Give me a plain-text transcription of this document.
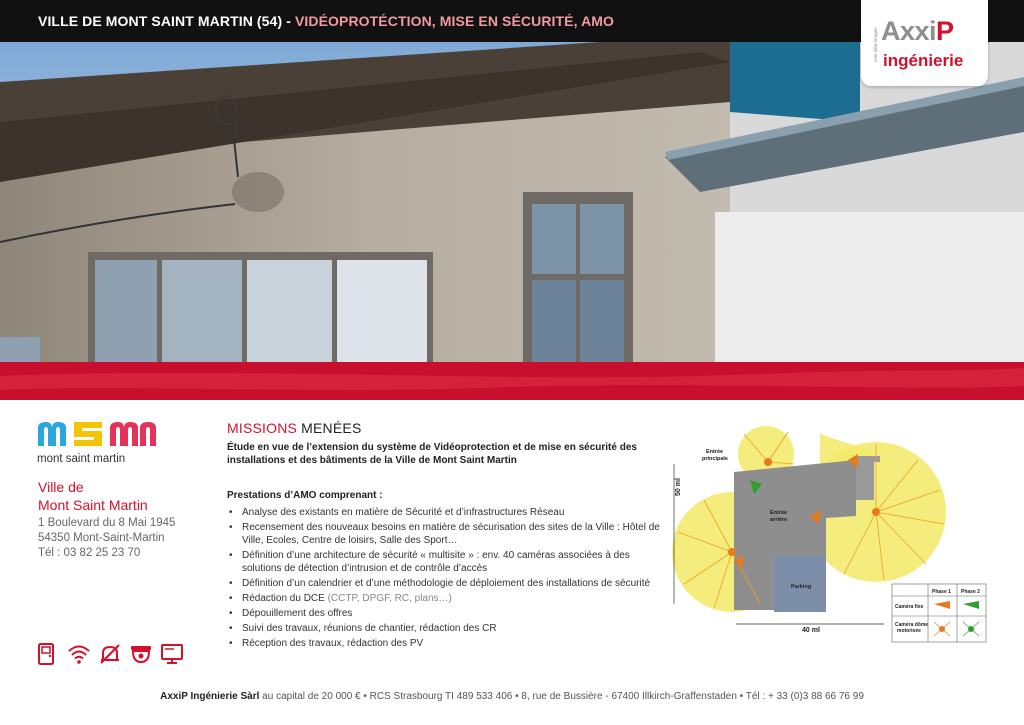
VILLE DE MONT SAINT MARTIN (54) - VIDÉOPROTÉCTION, MISE EN SÉCURITÉ, AMO
voix data images AxxiP
ingénierie
mont saint martin
Ville de
Mont Saint Martin
1 Boulevard du 8 Mai 1945
54350 Mont-Saint-Martin
Tél : 03 82 25 23 70
MISSIONS MENÉES
Étude en vue de l’extension du système de Vidéoprotection et de mise en sécurité des installations et des bâtiments de la Ville de Mont Saint Martin
Prestations d’AMO comprenant :
• Analyse des existants en matière de Sécurité et d’infrastructures Réseau
• Recensement des nouveaux besoins en matière de sécurisation des sites de la Ville : Hôtel de Ville, Ecoles, Centre de loisirs, Salle des Sport…
• Définition d’une architecture de sécurité « multisite » : env. 40 caméras associées à des solutions de détection d’intrusion et de contrôle d’accès
• Définition d’un calendrier et d’une méthodologie de déploiement des installations de sécurité
• Rédaction du DCE (CCTP, DPGF, RC, plans…)
• Dépouillement des offres
• Suivi des travaux, réunions de chantier, rédaction des CR
• Réception des travaux, rédaction des PV
Entrée
principale
Entrée
arrière
Parking
50 ml
40 ml
Phase 1 Phase 2
Caméra fixe
Caméra dôme
motorisée
AxxiP Ingénierie Sàrl au capital de 20 000 € • RCS Strasbourg TI 489 533 406 • 8, rue de Bussière - 67400 Illkirch-Graffenstaden • Tél : + 33 (0)3 88 66 76 99
